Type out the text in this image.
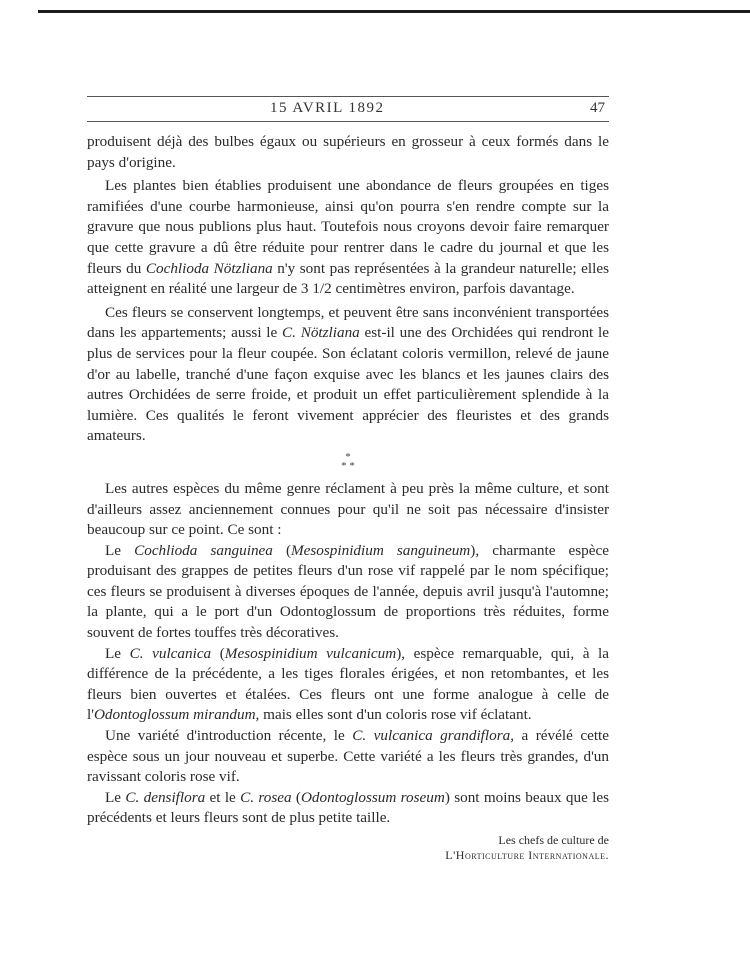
15 AVRIL 1892	47

produisent déjà des bulbes égaux ou supérieurs en grosseur à ceux formés dans le pays d'origine.

Les plantes bien établies produisent une abondance de fleurs groupées en tiges ramifiées d'une courbe harmonieuse, ainsi qu'on pourra s'en rendre compte sur la gravure que nous publions plus haut. Toutefois nous croyons devoir faire remarquer que cette gravure a dû être réduite pour rentrer dans le cadre du journal et que les fleurs du Cochlioda Nötzliana n'y sont pas représentées à la grandeur naturelle; elles atteignent en réalité une largeur de 3 1/2 centimètres environ, parfois davantage.

Ces fleurs se conservent longtemps, et peuvent être sans inconvénient transportées dans les appartements; aussi le C. Nötzliana est-il une des Orchidées qui rendront le plus de services pour la fleur coupée. Son éclatant coloris vermillon, relevé de jaune d'or au labelle, tranché d'une façon exquise avec les blancs et les jaunes clairs des autres Orchidées de serre froide, et produit un effet particulièrement splendide à la lumière. Ces qualités le feront vivement apprécier des fleuristes et des grands amateurs.

*
* *

Les autres espèces du même genre réclament à peu près la même culture, et sont d'ailleurs assez anciennement connues pour qu'il ne soit pas nécessaire d'insister beaucoup sur ce point. Ce sont :

Le Cochlioda sanguinea (Mesospinidium sanguineum), charmante espèce produisant des grappes de petites fleurs d'un rose vif rappelé par le nom spécifique; ces fleurs se produisent à diverses époques de l'année, depuis avril jusqu'à l'automne; la plante, qui a le port d'un Odontoglossum de proportions très réduites, forme souvent de fortes touffes très décoratives.

Le C. vulcanica (Mesospinidium vulcanicum), espèce remarquable, qui, à la différence de la précédente, a les tiges florales érigées, et non retombantes, et les fleurs bien ouvertes et étalées. Ces fleurs ont une forme analogue à celle de l'Odontoglossum mirandum, mais elles sont d'un coloris rose vif éclatant.

Une variété d'introduction récente, le C. vulcanica grandiflora, a révélé cette espèce sous un jour nouveau et superbe. Cette variété a les fleurs très grandes, d'un ravissant coloris rose vif.

Le C. densiflora et le C. rosea (Odontoglossum roseum) sont moins beaux que les précédents et leurs fleurs sont de plus petite taille.

Les chefs de culture de
L'Horticulture Internationale.
